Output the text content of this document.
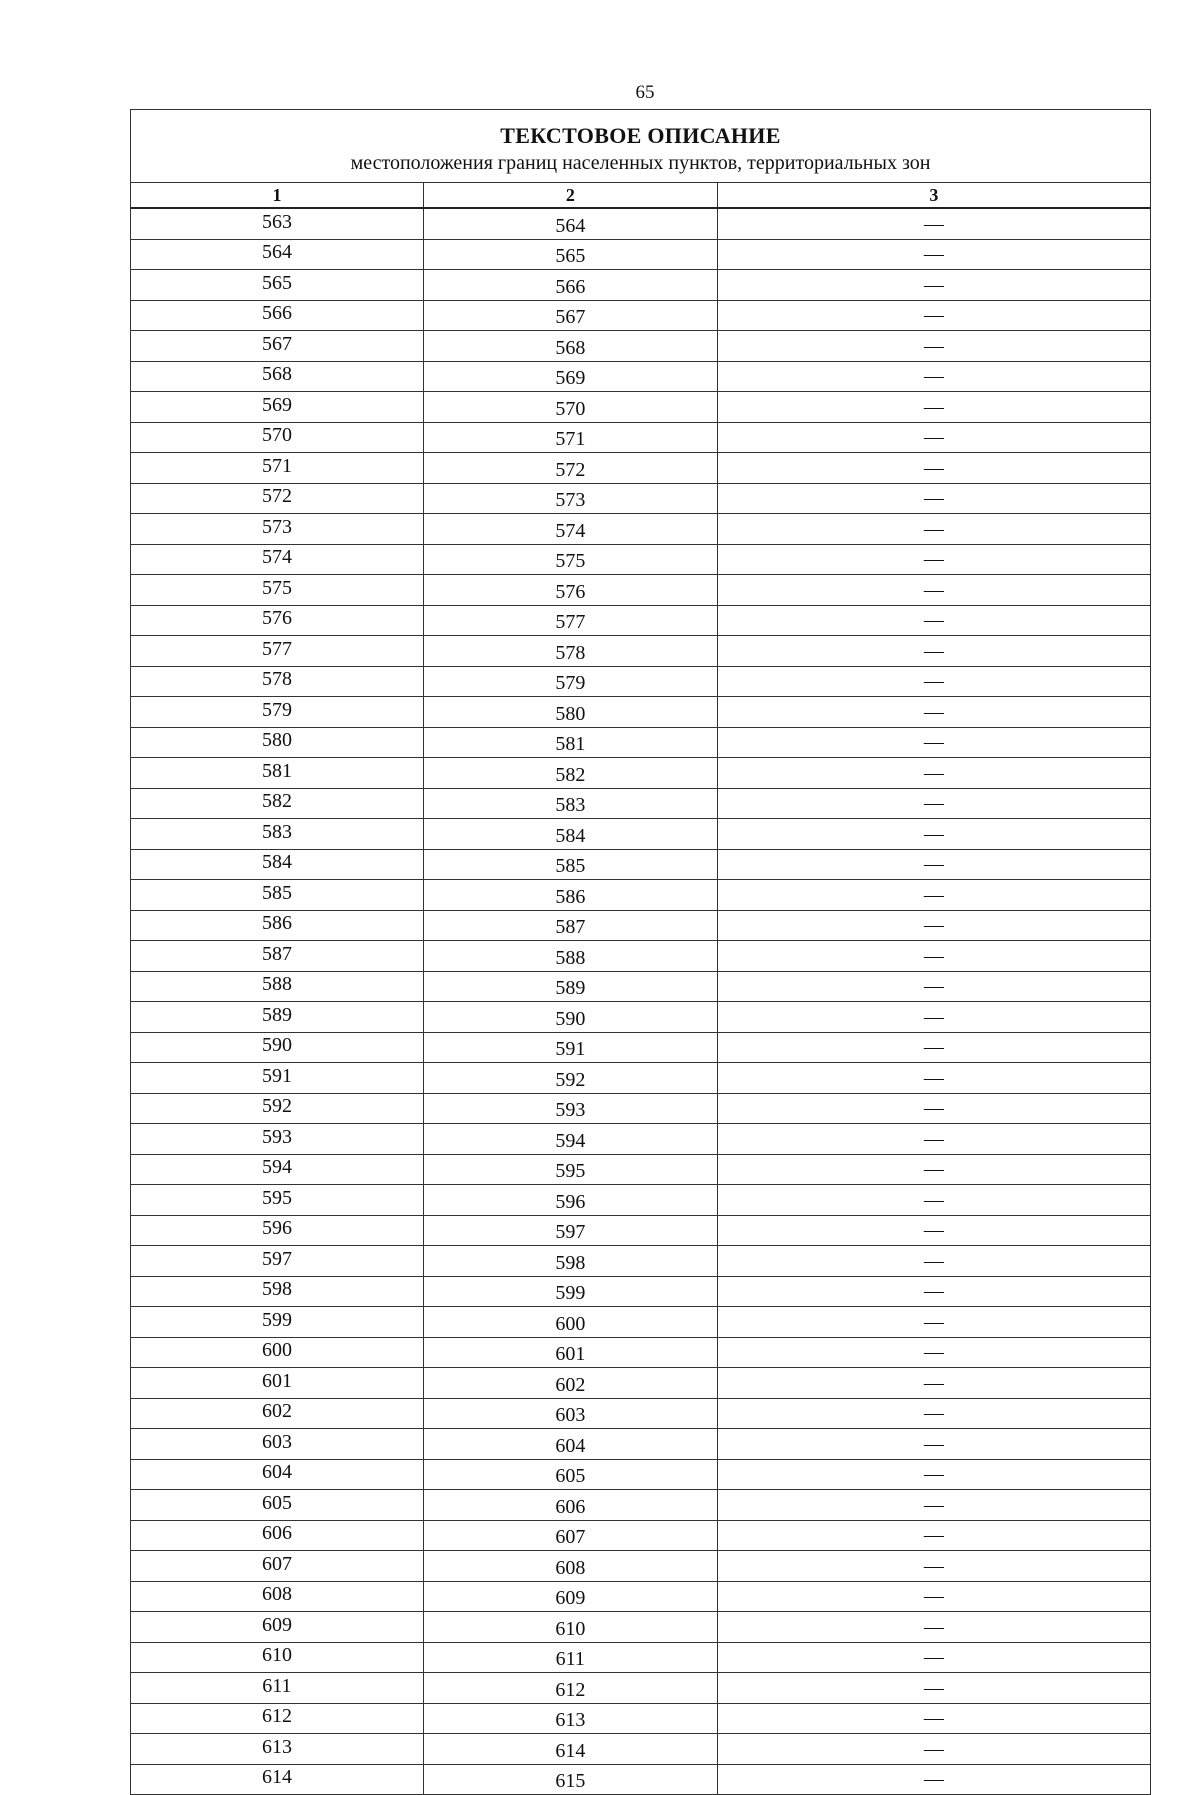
65
ТЕКСТОВОЕ ОПИСАНИЕ
местоположения границ населенных пунктов, территориальных зон		

1	2	3
563	564	—
564	565	—
565	566	—
566	567	—
567	568	—
568	569	—
569	570	—
570	571	—
571	572	—
572	573	—
573	574	—
574	575	—
575	576	—
576	577	—
577	578	—
578	579	—
579	580	—
580	581	—
581	582	—
582	583	—
583	584	—
584	585	—
585	586	—
586	587	—
587	588	—
588	589	—
589	590	—
590	591	—
591	592	—
592	593	—
593	594	—
594	595	—
595	596	—
596	597	—
597	598	—
598	599	—
599	600	—
600	601	—
601	602	—
602	603	—
603	604	—
604	605	—
605	606	—
606	607	—
607	608	—
608	609	—
609	610	—
610	611	—
611	612	—
612	613	—
613	614	—
614	615	—
